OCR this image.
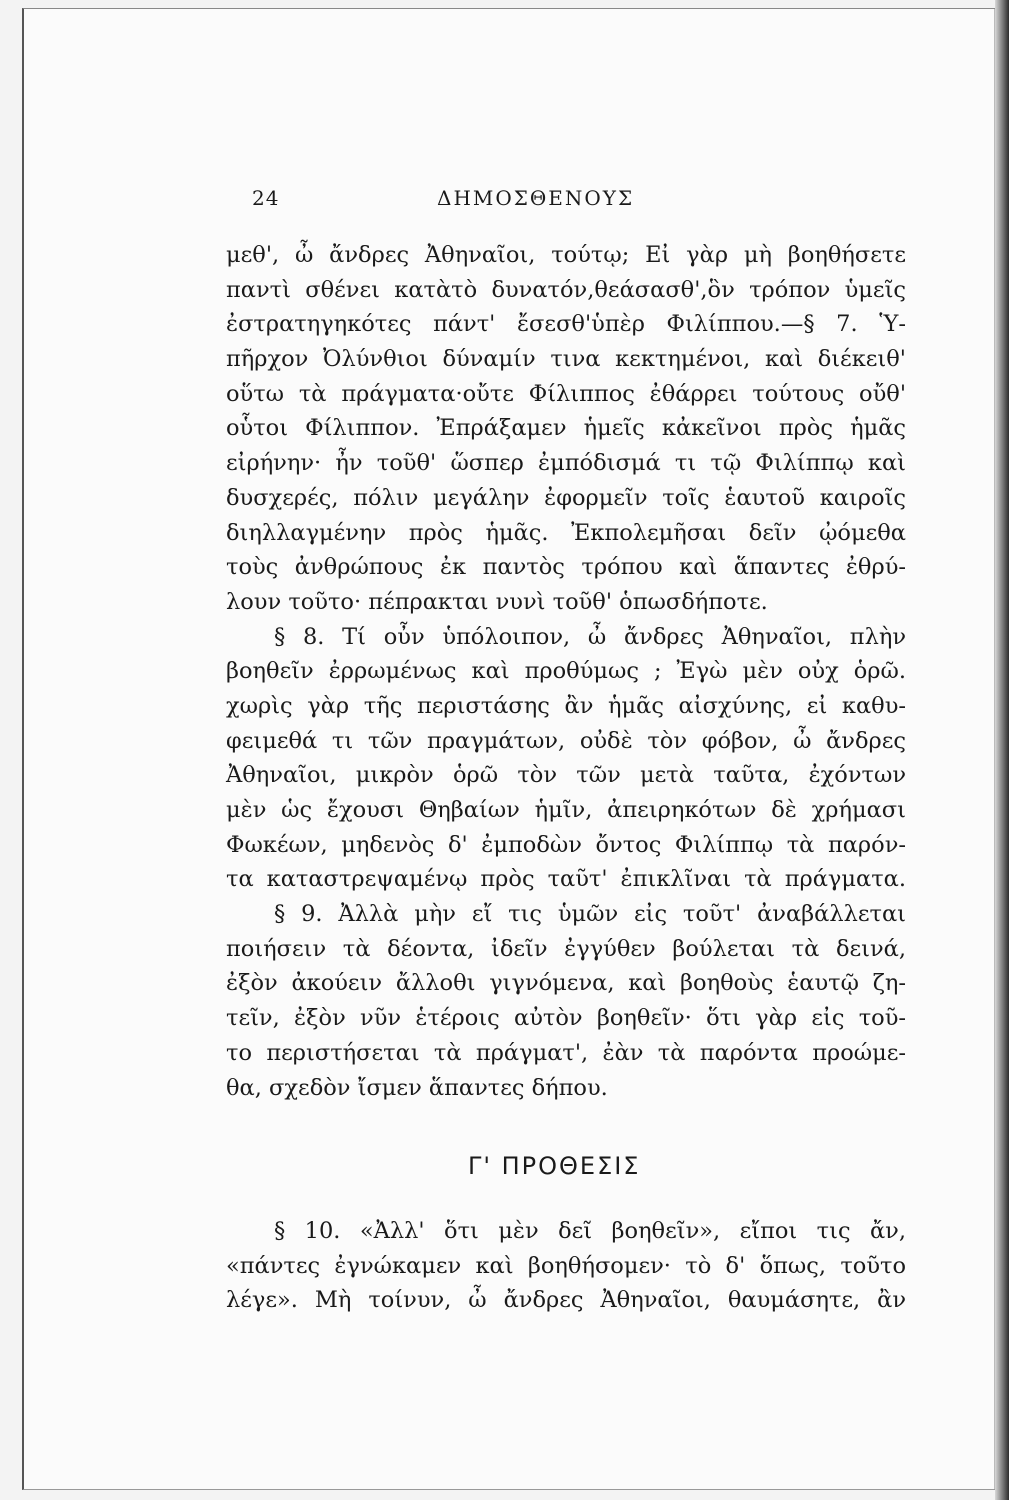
24	ΔΗΜΟΣΘΕΝΟΥΣ
μεθ', ὦ ἄνδρες Ἀθηναῖοι, τούτῳ; Εἰ γὰρ μὴ βοηθήσετε
παντὶ σθένει κατὰτὸ δυνατόν,θεάσασθ',ὃν τρόπον ὑμεῖς
ἐστρατηγηκότες πάντ' ἔσεσθ'ὑπὲρ Φιλίππου.—§ 7. Ὑ-
πῆρχον Ὀλύνθιοι δύναμίν τινα κεκτημένοι, καὶ διέκειθ'
οὕτω τὰ πράγματα·οὔτε Φίλιππος ἐθάρρει τούτους οὔθ'
οὗτοι Φίλιππον. Ἐπράξαμεν ἡμεῖς κἀκεῖνοι πρὸς ἡμᾶς
εἰρήνην· ἦν τοῦθ' ὥσπερ ἐμπόδισμά τι τῷ Φιλίππῳ καὶ
δυσχερές, πόλιν μεγάλην ἐφορμεῖν τοῖς ἑαυτοῦ καιροῖς
διηλλαγμένην πρὸς ἡμᾶς. Ἐκπολεμῆσαι δεῖν ᾠόμεθα
τοὺς ἀνθρώπους ἐκ παντὸς τρόπου καὶ ἅπαντες ἐθρύ-
λουν τοῦτο· πέπρακται νυνὶ τοῦθ' ὁπωσδήποτε.
§ 8. Τί οὖν ὑπόλοιπον, ὦ ἄνδρες Ἀθηναῖοι, πλὴν
βοηθεῖν ἐρρωμένως καὶ προθύμως ; Ἐγὼ μὲν οὐχ ὁρῶ.
χωρὶς γὰρ τῆς περιστάσης ἂν ἡμᾶς αἰσχύνης, εἰ καθυ-
φειμεθά τι τῶν πραγμάτων, οὐδὲ τὸν φόβον, ὦ ἄνδρες
Ἀθηναῖοι, μικρὸν ὁρῶ τὸν τῶν μετὰ ταῦτα, ἐχόντων
μὲν ὡς ἔχουσι Θηβαίων ἡμῖν, ἀπειρηκότων δὲ χρήμασι
Φωκέων, μηδενὸς δ' ἐμποδὼν ὄντος Φιλίππῳ τὰ παρόν-
τα καταστρεψαμένῳ πρὸς ταῦτ' ἐπικλῖναι τὰ πράγματα.
§ 9. Ἀλλὰ μὴν εἴ τις ὑμῶν εἰς τοῦτ' ἀναβάλλεται
ποιήσειν τὰ δέοντα, ἰδεῖν ἐγγύθεν βούλεται τὰ δεινά,
ἐξὸν ἀκούειν ἄλλοθι γιγνόμενα, καὶ βοηθοὺς ἑαυτῷ ζη-
τεῖν, ἐξὸν νῦν ἑτέροις αὐτὸν βοηθεῖν· ὅτι γὰρ εἰς τοῦ-
το περιστήσεται τὰ πράγματ', ἐὰν τὰ παρόντα προώμε-
θα, σχεδὸν ἴσμεν ἅπαντες δήπου.
Γ' ΠΡΟΘΕΣΙΣ
§ 10. «Ἀλλ' ὅτι μὲν δεῖ βοηθεῖν», εἴποι τις ἄν,
«πάντες ἐγνώκαμεν καὶ βοηθήσομεν· τὸ δ' ὅπως, τοῦτο
λέγε». Μὴ τοίνυν, ὦ ἄνδρες Ἀθηναῖοι, θαυμάσητε, ἂν
